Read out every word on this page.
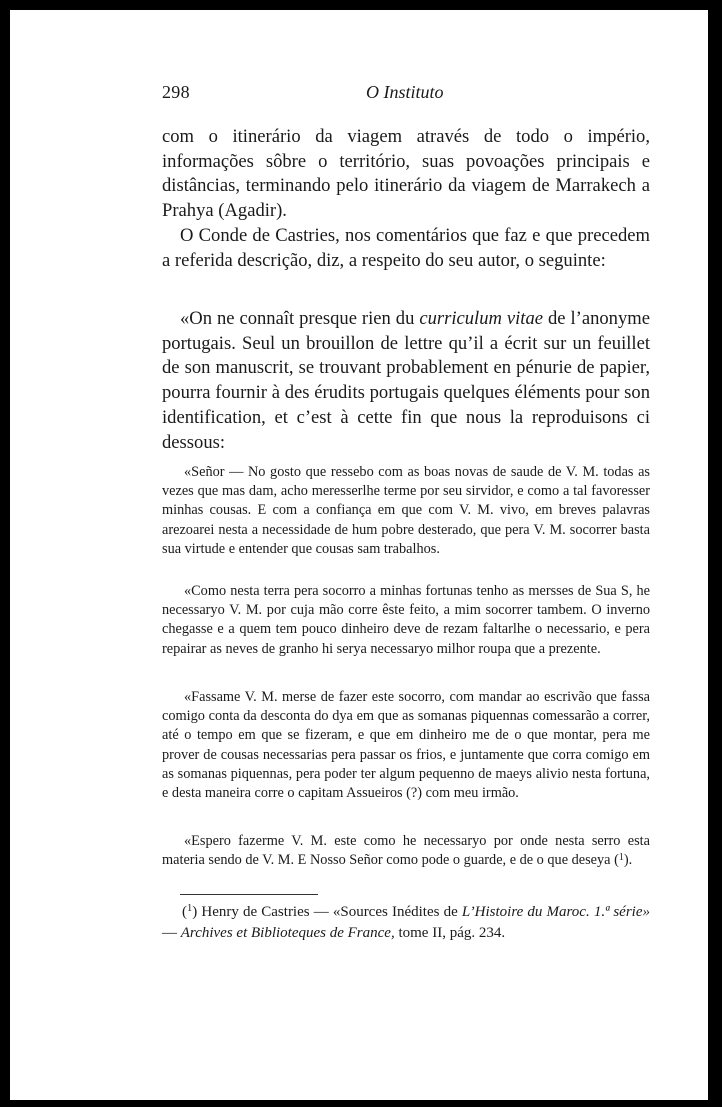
298	O Instituto

com o itinerário da viagem através de todo o império, informações sôbre o território, suas povoações principais e distâncias, terminando pelo itinerário da viagem de Marrakech a Prahya (Agadir).

O Conde de Castries, nos comentários que faz e que precedem a referida descrição, diz, a respeito do seu autor, o seguinte:

«On ne connaît presque rien du curriculum vitae de l’anonyme portugais. Seul un brouillon de lettre qu’il a écrit sur un feuillet de son manuscrit, se trouvant probablement en pénurie de papier, pourra fournir à des érudits portugais quelques éléments pour son identification, et c’est à cette fin que nous la reproduisons ci dessous:

«Señor — No gosto que ressebo com as boas novas de saude de V. M. todas as vezes que mas dam, acho meresserlhe terme por seu sirvidor, e como a tal favoresser minhas cousas. E com a confiança em que com V. M. vivo, em breves palavras arezoarei nesta a necessidade de hum pobre desterado, que pera V. M. socorrer basta sua virtude e entender que cousas sam trabalhos.

«Como nesta terra pera socorro a minhas fortunas tenho as mersses de Sua S, he necessaryo V. M. por cuja mão corre êste feito, a mim socorrer tambem. O inverno chegasse e a quem tem pouco dinheiro deve de rezam faltarlhe o necessario, e pera repairar as neves de granho hi serya necessaryo milhor roupa que a prezente.

«Fassame V. M. merse de fazer este socorro, com mandar ao escrivão que fassa comigo conta da desconta do dya em que as somanas piquennas comessarão a correr, até o tempo em que se fizeram, e que em dinheiro me de o que montar, pera me prover de cousas necessarias pera passar os frios, e juntamente que corra comigo em as somanas piquennas, pera poder ter algum pequenno de maeys alivio nesta fortuna, e desta maneira corre o capitam Assueiros (?) com meu irmão.

«Espero fazerme V. M. este como he necessaryo por onde nesta serro esta materia sendo de V. M. E Nosso Señor como pode o guarde, e de o que deseya ($^1$).

($^1$) Henry de Castries — «Sources Inédites de L’Histoire du Maroc. 1.ª série» — Archives et Biblioteques de France, tome II, pág. 234.
